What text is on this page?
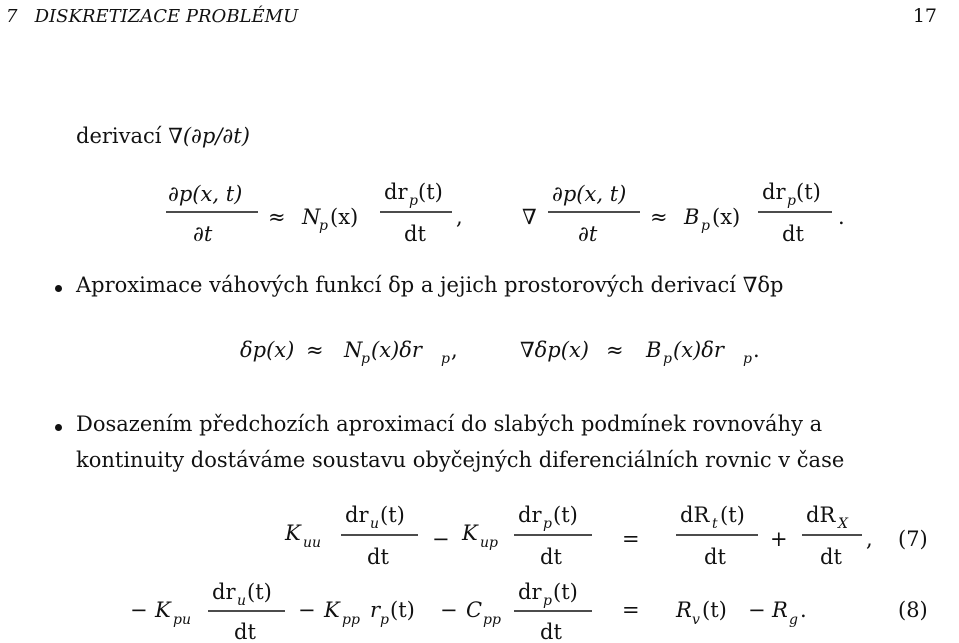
7 DISKRETIZACE PROBLÉMU	17
derivací ∇(∂p/∂t)
Aproximace váhových funkcí δp a jejich prostorových derivací ∇δp
Dosazením předchozích aproximací do slabých podmínek rovnováhy a
kontinuity dostáváme soustavu obyčejných diferenciálních rovnic v čase
∂p(x, t)
∂t
≈ N
p (x)
dr p (t)
dt
,	∇
∂p(x, t)
∂t
≈ B p (x)
dr p (t)
dt
.
δp(x) ≈ N
p (x)δr p ,	∇δp(x) ≈ B p (x)δr p .
K uu
dr u (t)
dt
− K up
dr p (t)
dt
=
dR t (t)
dt
+
dR X
dt
, (7)
− K pu
dr u (t)
dt
− K pp r p (t) − C pp
dr p (t)
dt
= R v (t) − R g .	(8)
